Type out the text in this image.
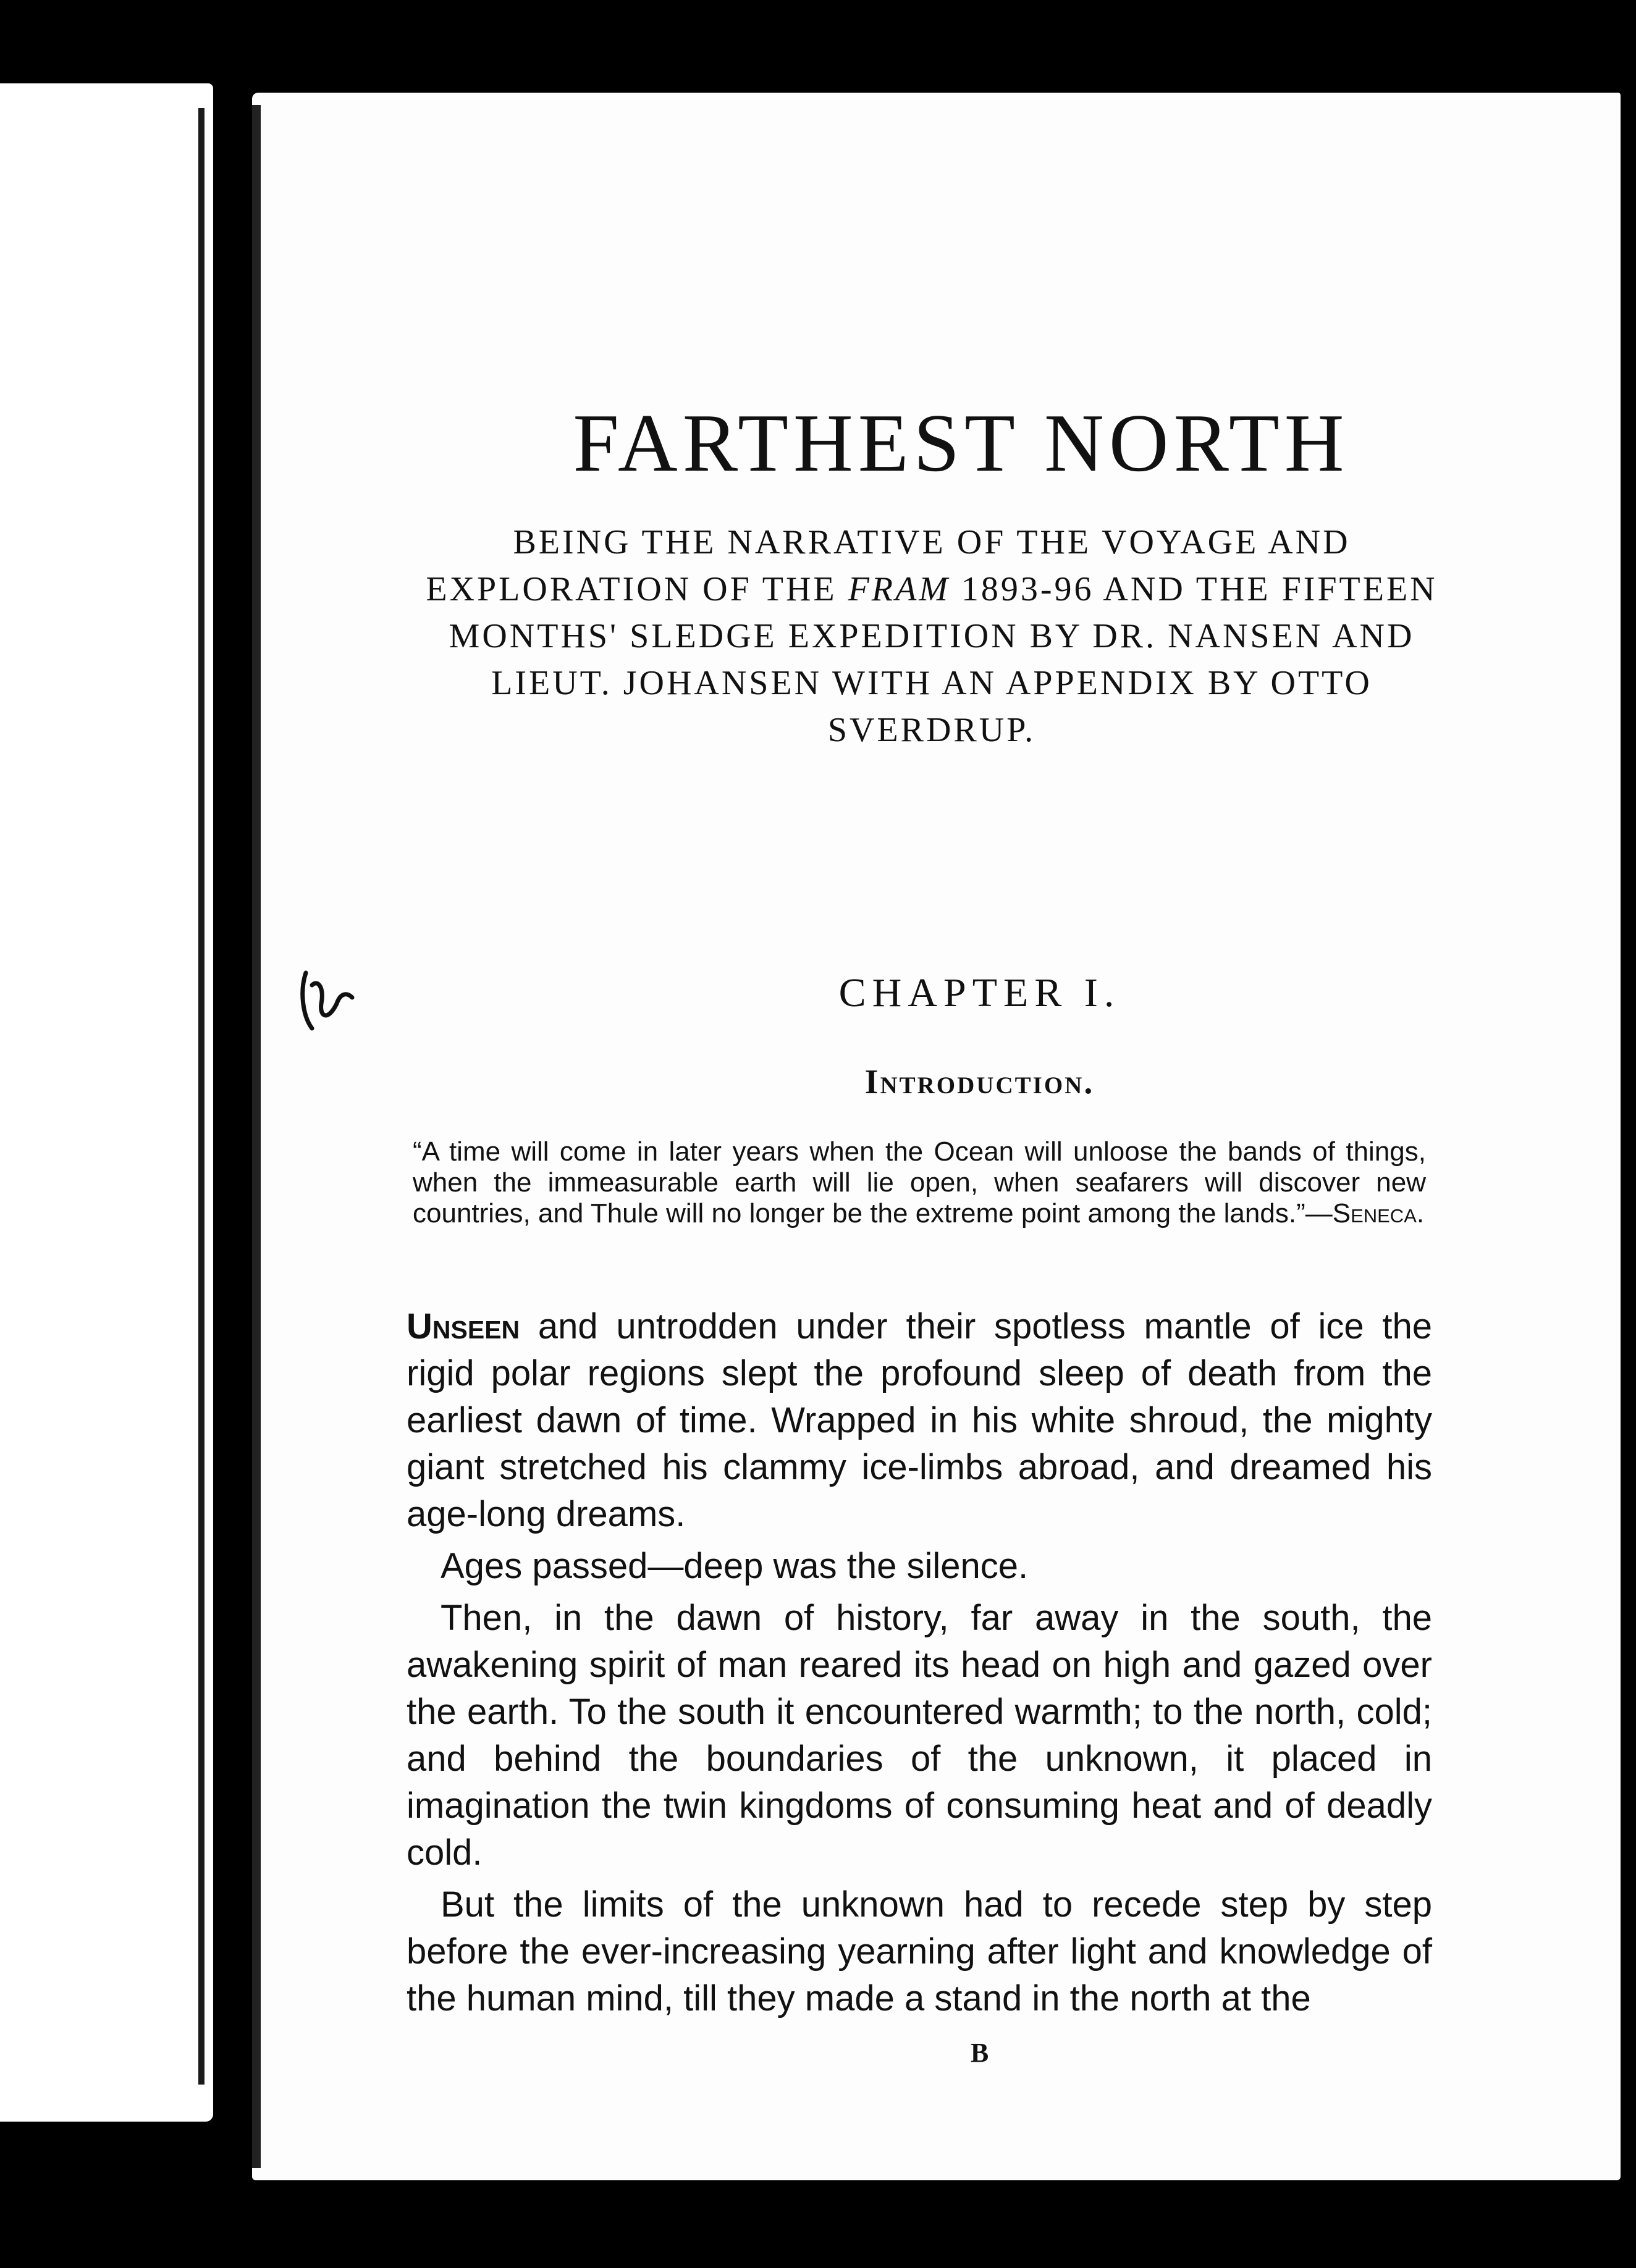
FARTHEST NORTH

BEING THE NARRATIVE OF THE VOYAGE AND EXPLORATION OF THE FRAM 1893-96 AND THE FIFTEEN MONTHS' SLEDGE EXPEDITION BY DR. NANSEN AND LIEUT. JOHANSEN WITH AN APPENDIX BY OTTO SVERDRUP.

CHAPTER I.
Introduction.

“A time will come in later years when the Ocean will unloose the bands of things, when the immeasurable earth will lie open, when seafarers will discover new countries, and Thule will no longer be the extreme point among the lands.”—Seneca.

Unseen and untrodden under their spotless mantle of ice the rigid polar regions slept the profound sleep of death from the earliest dawn of time. Wrapped in his white shroud, the mighty giant stretched his clammy ice-limbs abroad, and dreamed his age-long dreams.

Ages passed—deep was the silence.

Then, in the dawn of history, far away in the south, the awakening spirit of man reared its head on high and gazed over the earth. To the south it encountered warmth; to the north, cold; and behind the boundaries of the unknown, it placed in imagination the twin kingdoms of consuming heat and of deadly cold.

But the limits of the unknown had to recede step by step before the ever-increasing yearning after light and knowledge of the human mind, till they made a stand in the north at the

B
